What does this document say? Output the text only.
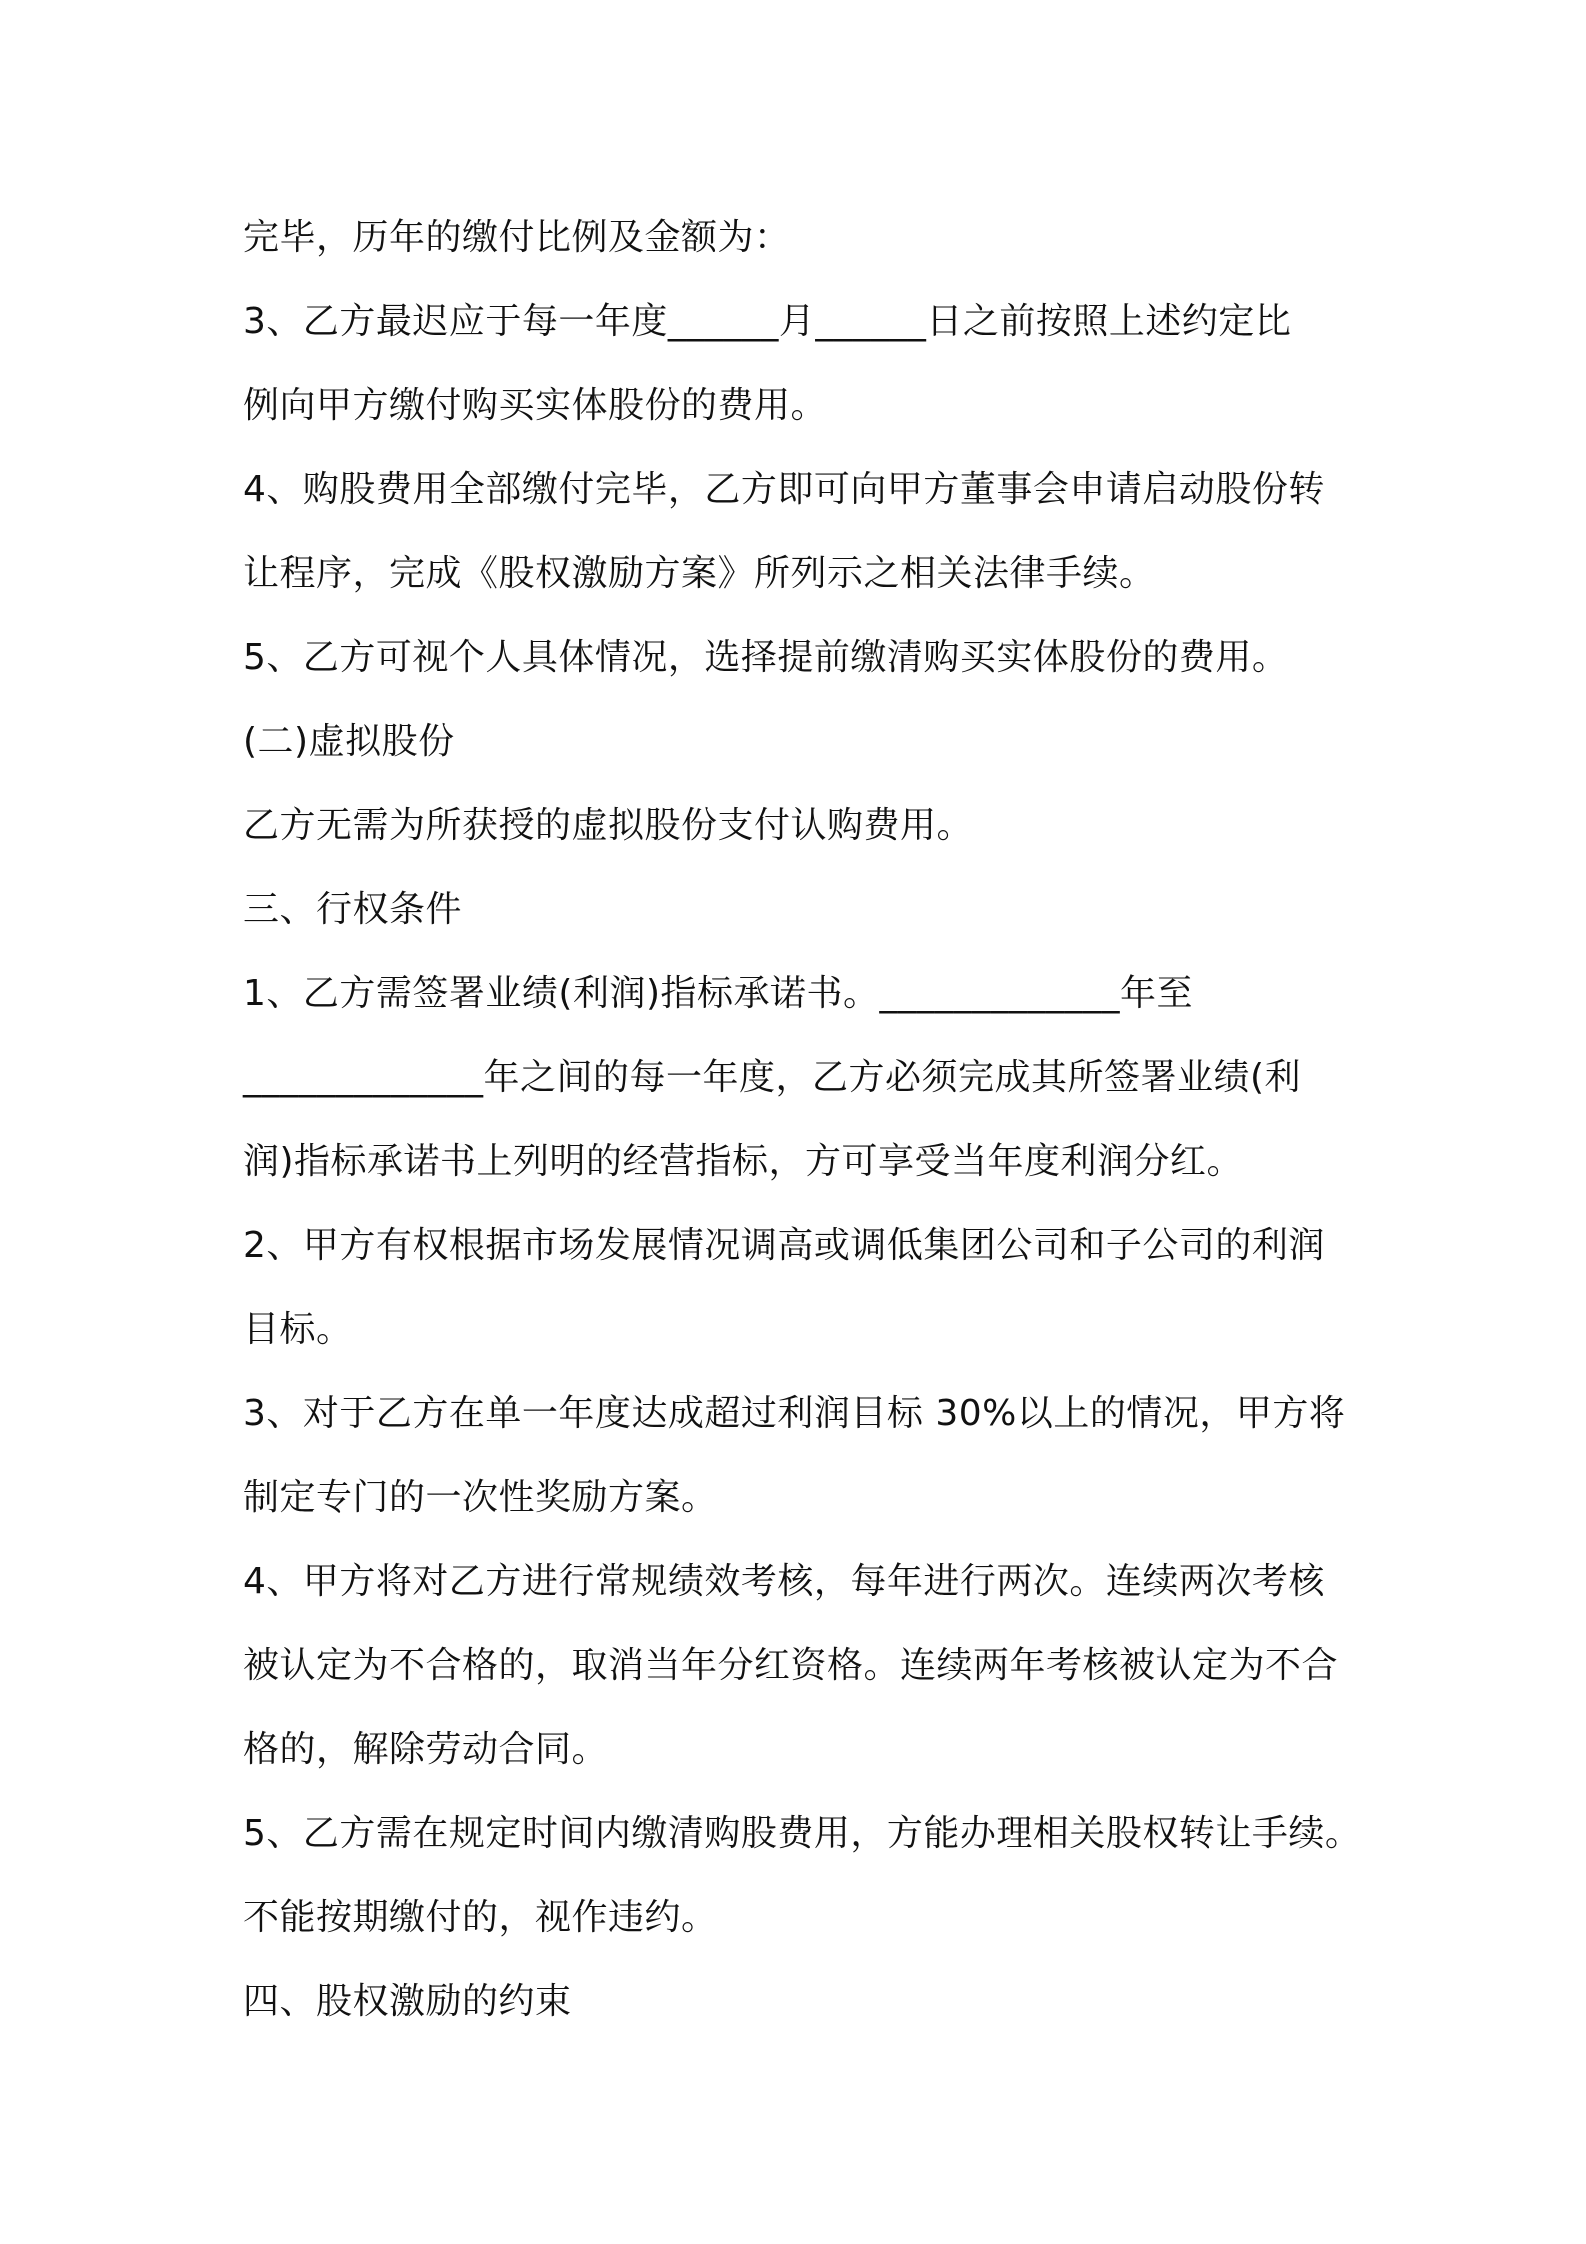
完毕，历年的缴付比例及金额为：
3、乙方最迟应于每一年度______月______日之前按照上述约定比
例向甲方缴付购买实体股份的费用。
4、购股费用全部缴付完毕，乙方即可向甲方董事会申请启动股份转
让程序，完成《股权激励方案》所列示之相关法律手续。
5、乙方可视个人具体情况，选择提前缴清购买实体股份的费用。
(二)虚拟股份
乙方无需为所获授的虚拟股份支付认购费用。
三、行权条件
1、乙方需签署业绩(利润)指标承诺书。_____________年至
_____________年之间的每一年度，乙方必须完成其所签署业绩(利
润)指标承诺书上列明的经营指标，方可享受当年度利润分红。
2、甲方有权根据市场发展情况调高或调低集团公司和子公司的利润
目标。
3、对于乙方在单一年度达成超过利润目标 30%以上的情况，甲方将
制定专门的一次性奖励方案。
4、甲方将对乙方进行常规绩效考核，每年进行两次。连续两次考核
被认定为不合格的，取消当年分红资格。连续两年考核被认定为不合
格的，解除劳动合同。
5、乙方需在规定时间内缴清购股费用，方能办理相关股权转让手续。
不能按期缴付的，视作违约。
四、股权激励的约束
